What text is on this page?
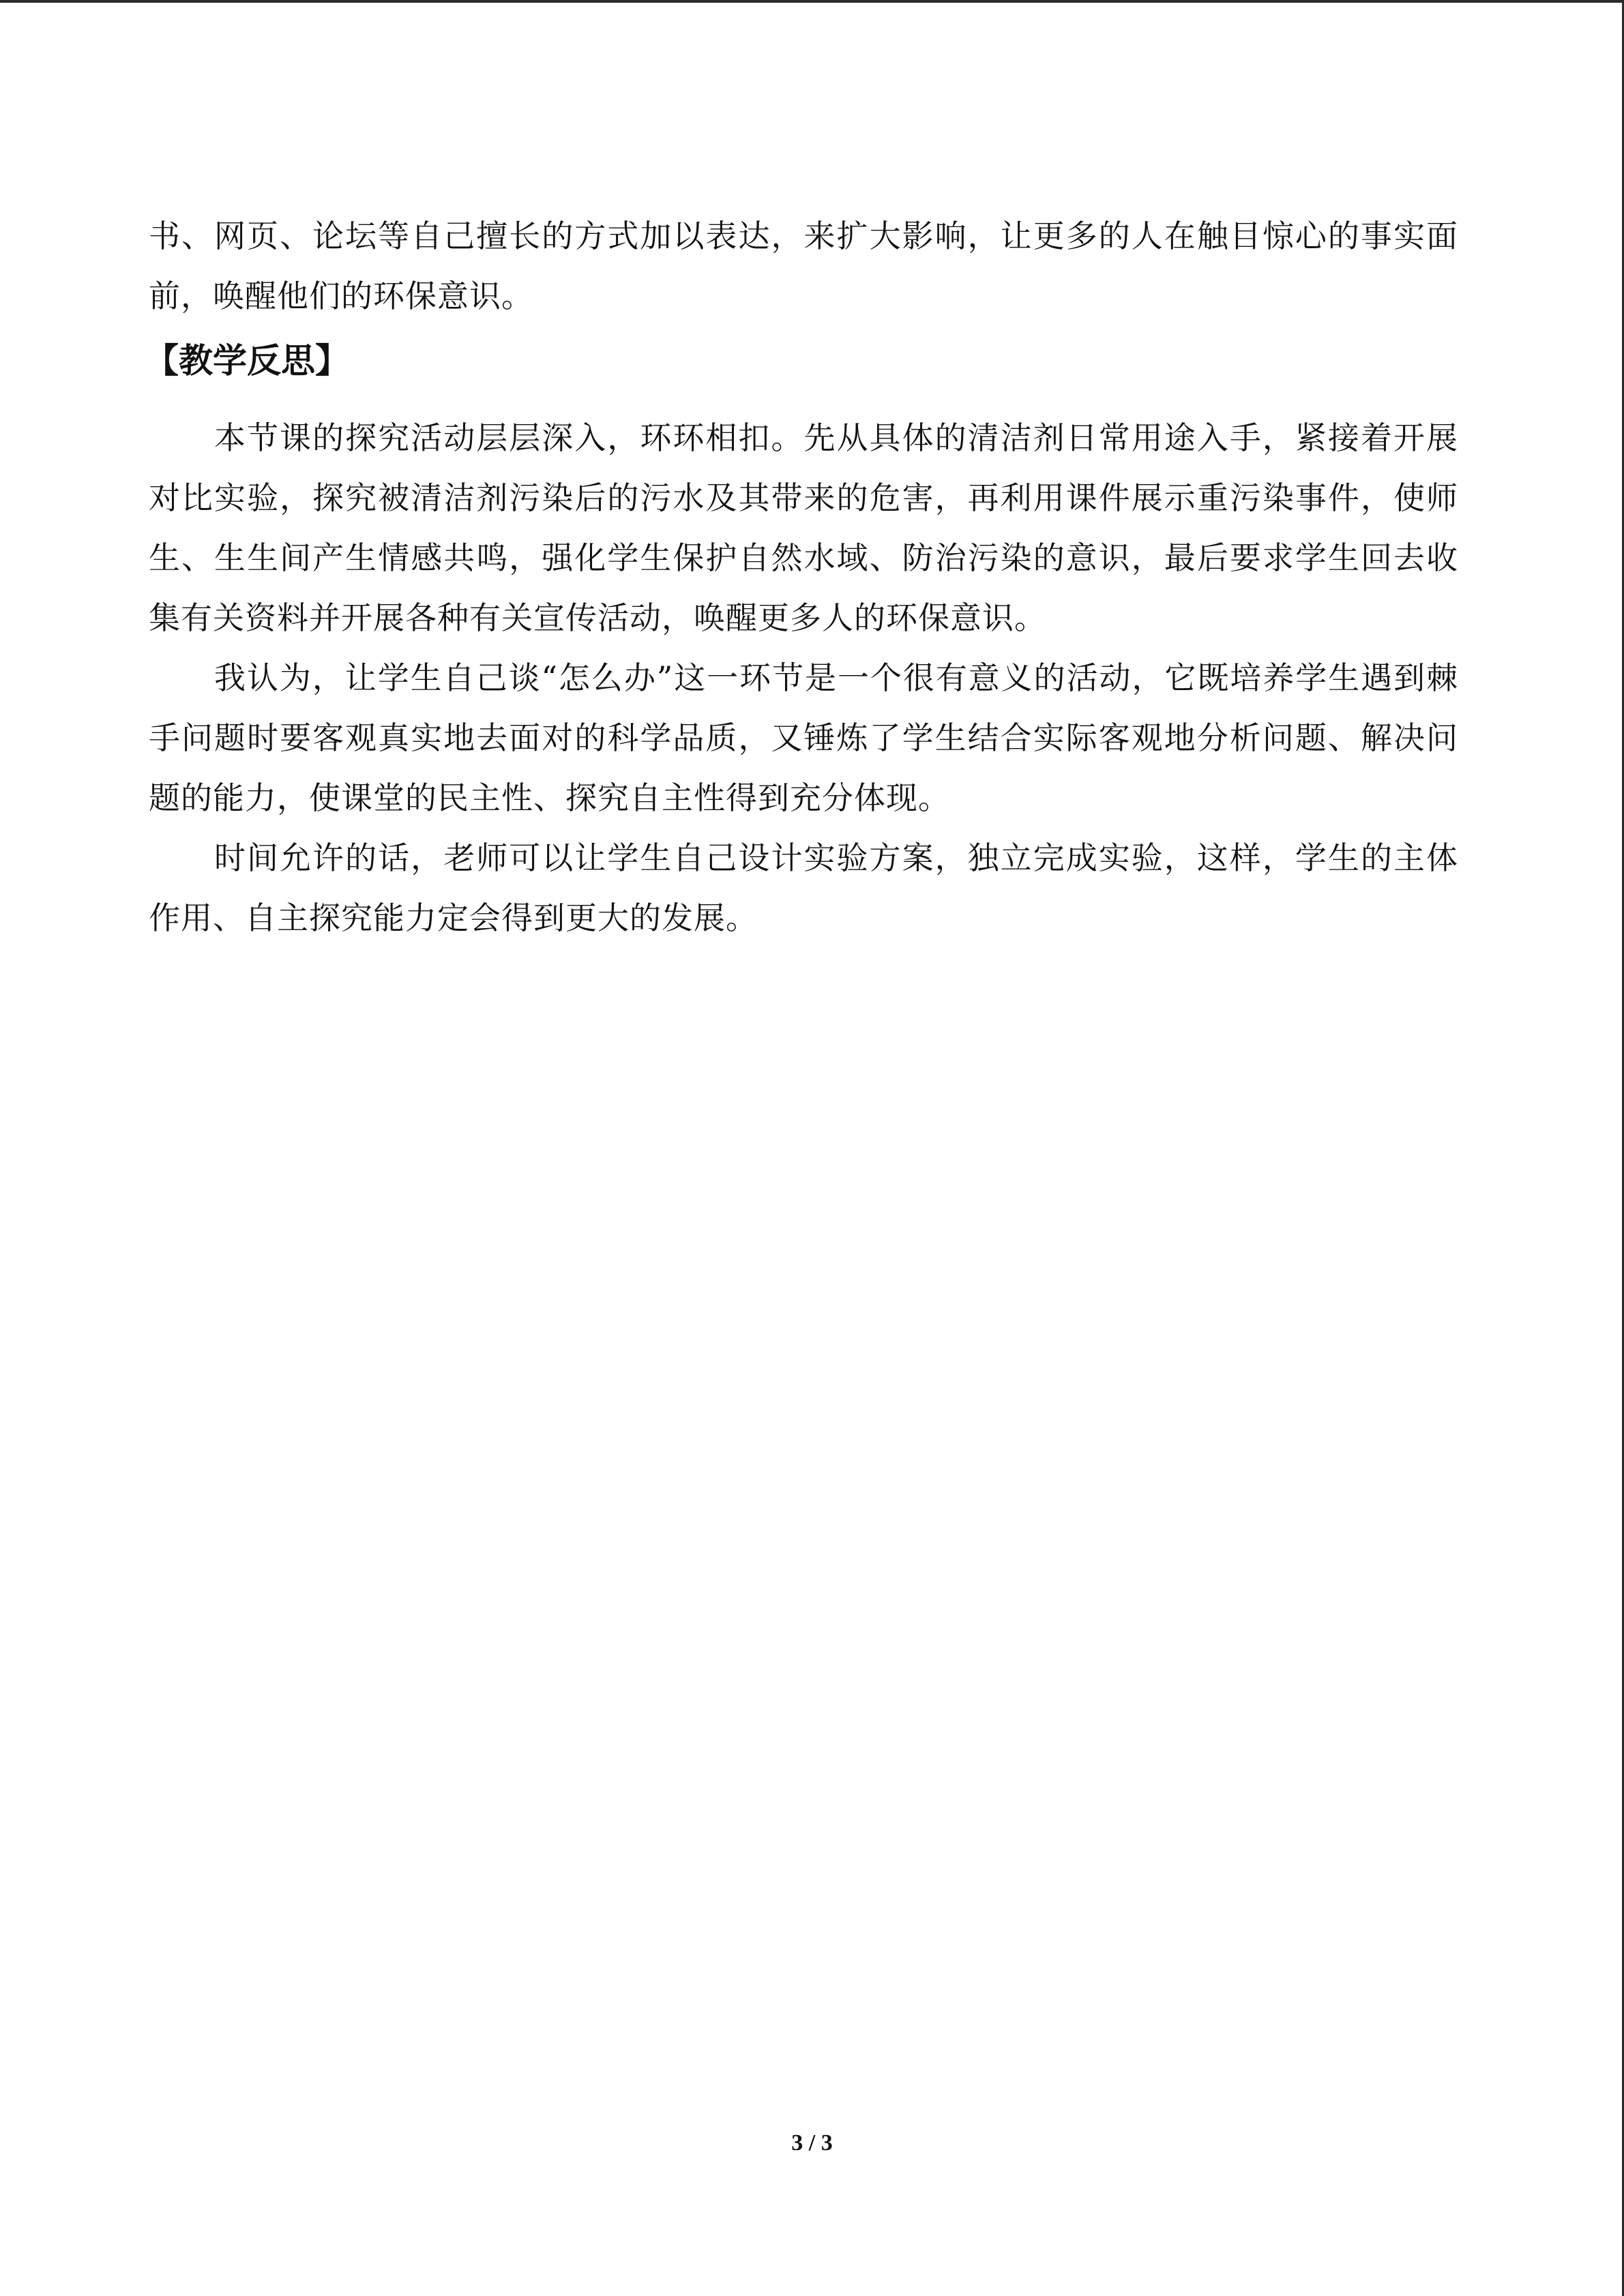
书、网页、论坛等自己擅长的方式加以表达，来扩大影响，让更多的人在触目惊心的事实面前，唤醒他们的环保意识。

【教学反思】

本节课的探究活动层层深入，环环相扣。先从具体的清洁剂日常用途入手，紧接着开展对比实验，探究被清洁剂污染后的污水及其带来的危害，再利用课件展示重污染事件，使师生、生生间产生情感共鸣，强化学生保护自然水域、防治污染的意识，最后要求学生回去收集有关资料并开展各种有关宣传活动，唤醒更多人的环保意识。

我认为，让学生自己谈“怎么办”这一环节是一个很有意义的活动，它既培养学生遇到棘手问题时要客观真实地去面对的科学品质，又锤炼了学生结合实际客观地分析问题、解决问题的能力，使课堂的民主性、探究自主性得到充分体现。

时间允许的话，老师可以让学生自己设计实验方案，独立完成实验，这样，学生的主体作用、自主探究能力定会得到更大的发展。

3 / 3
